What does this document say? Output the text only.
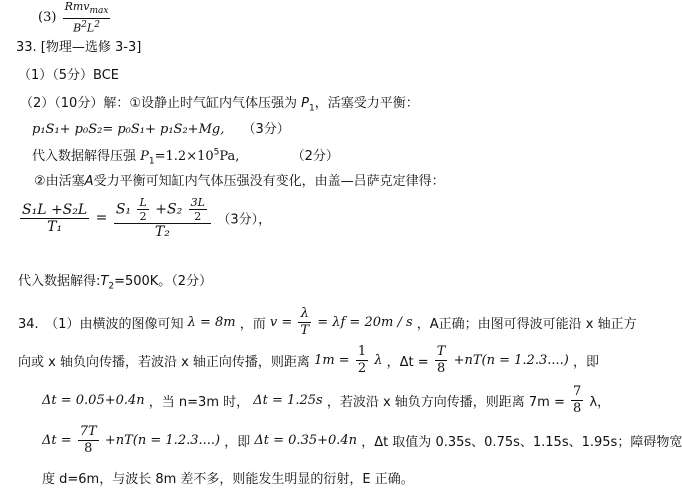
$(3) \frac{Rmv_{max}}{B^2L^2}$
33. [物理—选修 3-3]
（1）（5分）BCE
（2）（10分）解：①设静止时气缸内气体压强为 $P_1$，活塞受力平衡：
p₁S₁+ p₀S₂= p₀S₁+ p₁S₂+Mg, （3分）
代入数据解得压强 $P_1=1.2\times 10^5Pa$,	（2分）
②由活塞A受力平衡可知缸内气体压强没有变化，由盖—吕萨克定律得：
$\frac{\text{S₁L +S₂L}}{\text{T₁}}$ =
$S_1 \frac{L}{2} +S_2 \frac{3L}{2}$
T₂
（3分），
代入数据解得$:T_2=500K$。（2分）
34.　（1）由横波的图像可知 λ = 8m ，而 $v = \frac{\lambda}{T} = \lambda f = 20m / s$ ，A正确；由图可得波可能沿 x 轴正方
向或 x 轴负向传播，若波沿 x 轴正向传播，则距离 $1m = \frac{1}{2}$ λ ，$\Delta t = \frac{T}{8} +nT(n = 1.2.3....)$ ，即
Δt = 0.05+0.4n ，当 n=3m 时， Δt = 1.25s ，若波沿 x 轴负方向传播，则距离 $7m = \frac{7}{8}$ λ，
$\Delta t = \frac{7T}{8} +nT(n = 1.2.3....)$ ，即 Δt = 0.35+0.4n ，Δt 取值为 0.35s、0.75s、1.15s、1.95s；障碍物宽
度 d=6m，与波长 8m 差不多，则能发生明显的衍射，E 正确。
